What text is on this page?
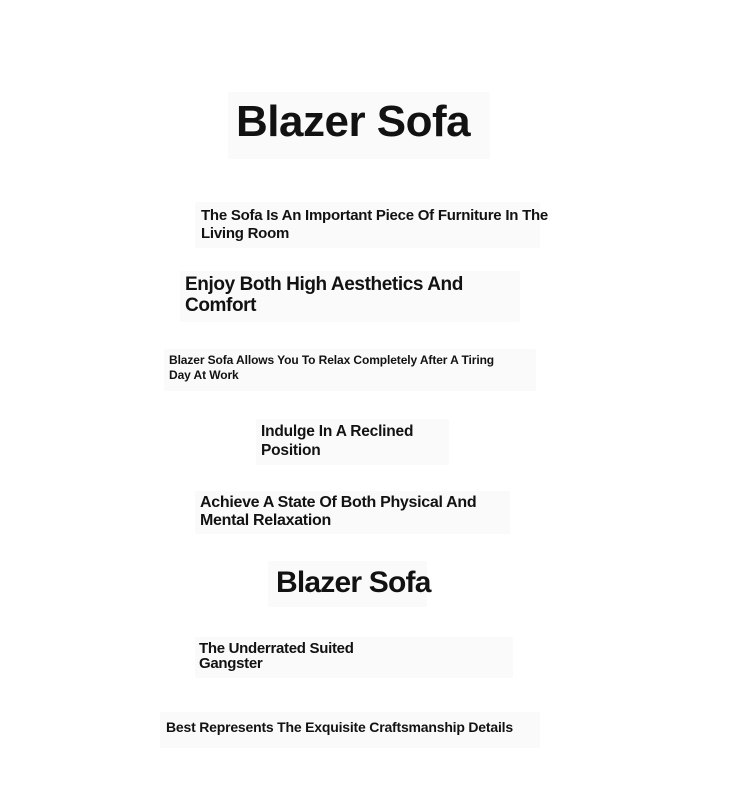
Blazer Sofa
The Sofa Is An Important Piece Of Furniture In The
Living Room
Enjoy Both High Aesthetics And
Comfort
Blazer Sofa Allows You To Relax Completely After A Tiring
Day At Work
Indulge In A Reclined
Position
Achieve A State Of Both Physical And
Mental Relaxation
Blazer Sofa
The Underrated Suited
Gangster
Best Represents The Exquisite Craftsmanship Details
